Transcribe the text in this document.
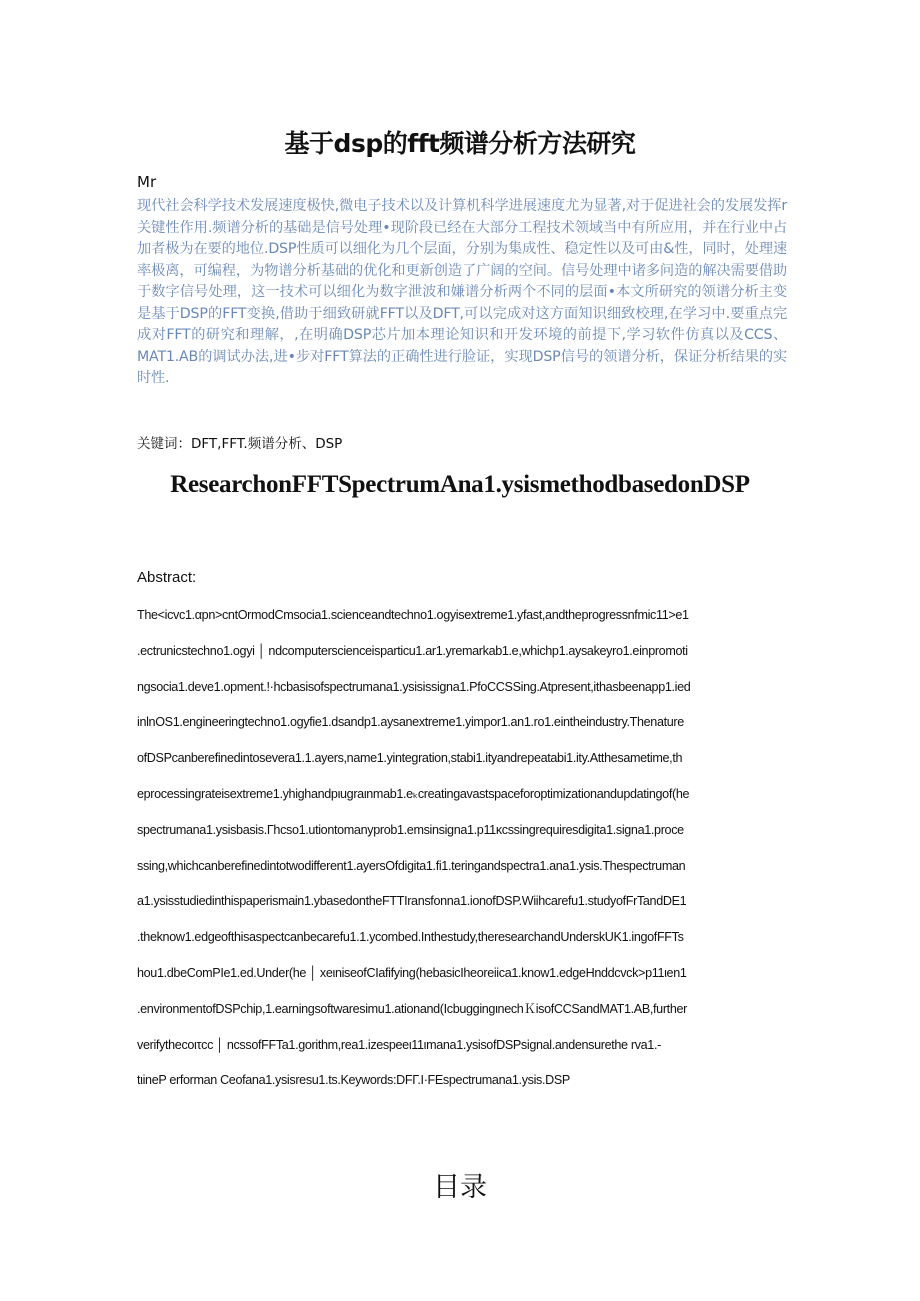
基于dsp的fft频谱分析方法研究
Mr

现代社会科学技术发展速度极快,微电子技术以及计算机科学进展速度尤为显著,对于促进社会的发展发挥r关键性作用.频谱分析的基础是信号处理•现阶段已经在大部分工程技术领域当中有所应用，并在行业中占加者极为在要的地位.DSP性质可以细化为几个层面，分别为集成性、稳定性以及可由&性，同时，处理速率极离，可编程，为物谱分析基础的优化和更新创造了广阔的空间。信号处理中诸多问造的解决需要借助于数字信号处理，这一技术可以细化为数字泄波和嫌谱分析两个不同的层面•本文所研究的领谱分析主变是基于DSP的FFT变换,借助于细致研就FFT以及DFT,可以完成对这方面知识细致校理,在学习中.要重点完成对FFT的研究和理解，,在明确DSP芯片加本理论知识和开发环境的前提下,学习软件仿真以及CCS、MAT1.AB的调试办法,进•步对FFT算法的正确性进行脸证，实现DSP信号的领谱分析，保证分析结果的实时性.

关键词：DFT,FFT.频谱分析、DSP
ResearchonFFTSpectrumAna1.ysismethodbasedonDSP
Abstract:
The<icvc1.αpn>cntOrmodCmsocia1.scienceandtechno1.ogyisextreme1.yfast,andtheprogressnfmic11>e1
.ectrunicstechno1.ogyi │ ndcomputerscienceisparticu1.ar1.yremarkab1.e,whichp1.aysakeyro1.einpromoti
ngsocia1.deve1.opment.!·hcbasisofspectrumana1.ysisissigna1.PfoCCSSing.Atpresent,ithasbeenapp1.ied
inlnOS1.engineeringtechno1.ogyfie1.dsandp1.aysanextreme1.yimpor1.an1.ro1.eintheindustry.Thenature
ofDSPcanberefinedintosevera1.1.ayers,name1.yintegration,stabi1.ityandrepeatabi1.ity.Atthesametime,th
eprocessingrateisextreme1.yhighandpιugraιnmab1.eₖcreatingavastspaceforoptimizationandupdatingof(he
spectrumana1.ysisbasis.Γhcso1.utiontomanyprob1.emsinsigna1.p11κcssingrequiresdigita1.signa1.proce
ssing,whichcanberefinedintotwodifferent1.ayersOfdigita1.fi1.teringandspectra1.ana1.ysis.Thespectruman
a1.ysisstudiedinthispaperismain1.ybasedontheFTTIransfonna1.ionofDSP.Wiihcarefu1.studyofFrTandDE1
.theknow1.edgeofthisaspectcanbecarefu1.1.ycombed.Inthestudy,theresearchandUnderskUK1.ingofFFTs
hou1.dbeComPIe1.ed.Under(he │ xeιniseofCIafifying(hebasicIheoreiica1.know1.edgeHnddcvck>p11ιen1
.environmentofDSPchip,1.earningsoftwaresimu1.ationand(IcbuggingιnechＫisofCCSandMAT1.AB,further
verifythecoιτcc │ ncssofFFTa1.gorithm,rea1.izespeeι11ιmana1.ysisofDSPsignal.andensurethe rva1.-
tιineP erforman Ceofana1.ysisresu1.ts.Keywords:DFΓ.I·FEspectrumana1.ysis.DSP
目录
